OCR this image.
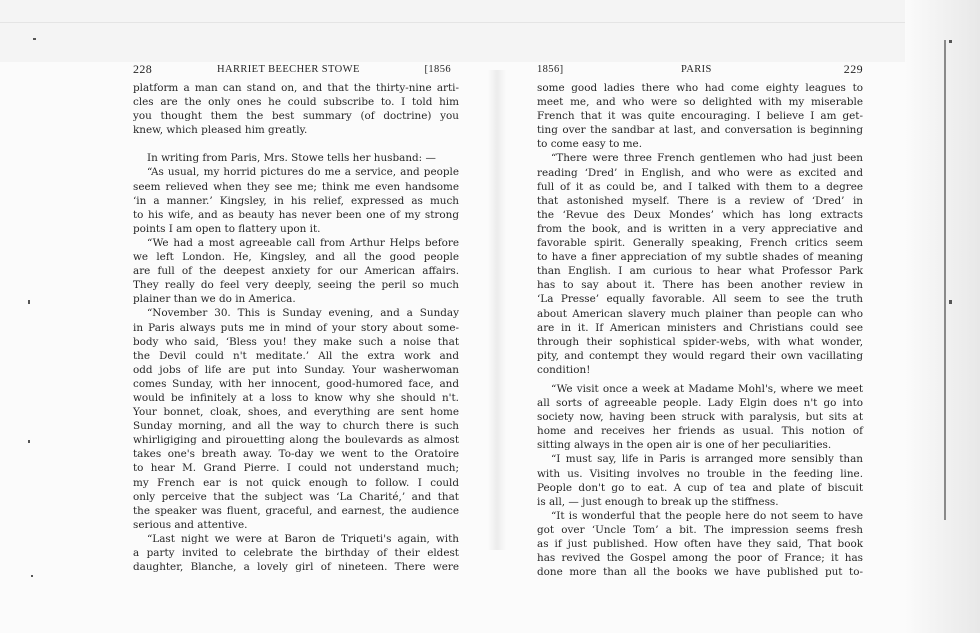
228	HARRIET BEECHER STOWE	[1856
platform a man can stand on, and that the thirty-nine arti-
cles are the only ones he could subscribe to. I told him
you thought them the best summary (of doctrine) you
knew, which pleased him greatly.
In writing from Paris, Mrs. Stowe tells her husband: —
“As usual, my horrid pictures do me a service, and people
seem relieved when they see me; think me even handsome
‘in a manner.’ Kingsley, in his relief, expressed as much
to his wife, and as beauty has never been one of my strong
points I am open to flattery upon it.
“We had a most agreeable call from Arthur Helps before
we left London. He, Kingsley, and all the good people
are full of the deepest anxiety for our American affairs.
They really do feel very deeply, seeing the peril so much
plainer than we do in America.
“November 30. This is Sunday evening, and a Sunday
in Paris always puts me in mind of your story about some-
body who said, ‘Bless you! they make such a noise that
the Devil could n't meditate.’ All the extra work and
odd jobs of life are put into Sunday. Your washerwoman
comes Sunday, with her innocent, good-humored face, and
would be infinitely at a loss to know why she should n't.
Your bonnet, cloak, shoes, and everything are sent home
Sunday morning, and all the way to church there is such
whirligiging and pirouetting along the boulevards as almost
takes one's breath away. To-day we went to the Oratoire
to hear M. Grand Pierre. I could not understand much;
my French ear is not quick enough to follow. I could
only perceive that the subject was ‘La Charité,’ and that
the speaker was fluent, graceful, and earnest, the audience
serious and attentive.
“Last night we were at Baron de Triqueti's again, with
a party invited to celebrate the birthday of their eldest
daughter, Blanche, a lovely girl of nineteen. There were
1856]	PARIS	229
some good ladies there who had come eighty leagues to
meet me, and who were so delighted with my miserable
French that it was quite encouraging. I believe I am get-
ting over the sandbar at last, and conversation is beginning
to come easy to me.
“There were three French gentlemen who had just been
reading ‘Dred’ in English, and who were as excited and
full of it as could be, and I talked with them to a degree
that astonished myself. There is a review of ‘Dred’ in
the ‘Revue des Deux Mondes’ which has long extracts
from the book, and is written in a very appreciative and
favorable spirit. Generally speaking, French critics seem
to have a finer appreciation of my subtle shades of meaning
than English. I am curious to hear what Professor Park
has to say about it. There has been another review in
‘La Presse’ equally favorable. All seem to see the truth
about American slavery much plainer than people can who
are in it. If American ministers and Christians could see
through their sophistical spider-webs, with what wonder,
pity, and contempt they would regard their own vacillating
condition!
“We visit once a week at Madame Mohl's, where we meet
all sorts of agreeable people. Lady Elgin does n't go into
society now, having been struck with paralysis, but sits at
home and receives her friends as usual. This notion of
sitting always in the open air is one of her peculiarities.
“I must say, life in Paris is arranged more sensibly than
with us. Visiting involves no trouble in the feeding line.
People don't go to eat. A cup of tea and plate of biscuit
is all, — just enough to break up the stiffness.
“It is wonderful that the people here do not seem to have
got over ‘Uncle Tom’ a bit. The impression seems fresh
as if just published. How often have they said, That book
has revived the Gospel among the poor of France; it has
done more than all the books we have published put to-
